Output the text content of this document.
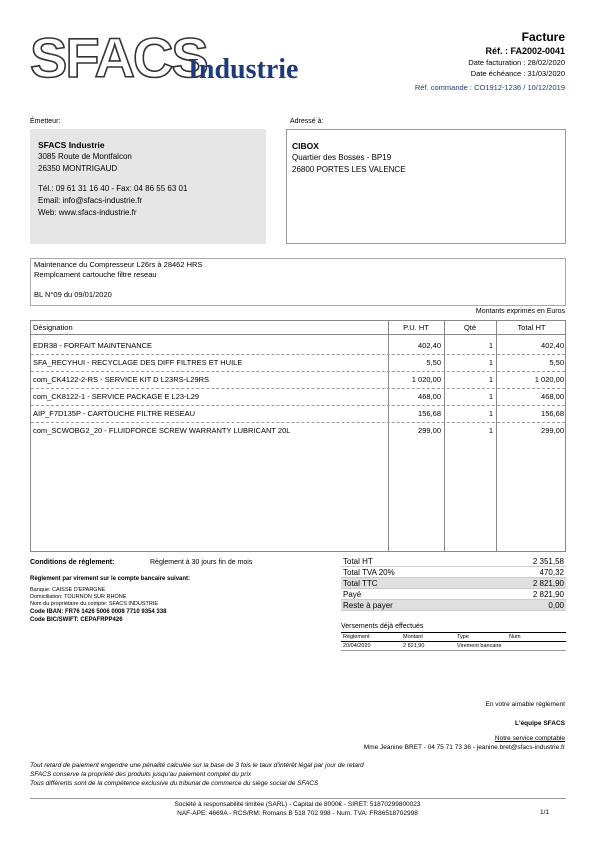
SFACS
Industrie
Facture
Réf. : FA2002-0041
Date facturation : 28/02/2020
Date échéance : 31/03/2020
Réf. commande : CO1912-1236 / 10/12/2019
Émetteur:
SFACS Industrie
3085 Route de Montfalcon
26350 MONTRIGAUD
Tél.: 09 61 31 16 40 - Fax: 04 86 55 63 01
Email: info@sfacs-industrie.fr
Web: www.sfacs-industrie.fr
Adressé à:
CIBOX
Quartier des Bosses - BP19
26800 PORTES LES VALENCE
Maintenance du Compresseur L26rs à 28462 HRS
Remplcament cartouche filtre reseau
BL N°09 du 09/01/2020
Montants exprimés en Euros
Désignation	P.U. HT	Qté	Total HT
EDR38 - FORFAIT MAINTENANCE	402,40	1	402,40
SFA_RECYHUI - RECYCLAGE DES DIFF FILTRES ET HUILE	5,50	1	5,50
com_CK4122-2-RS - SERVICE KIT D L23RS-L29RS	1 020,00	1	1 020,00
com_CK8122-1 - SERVICE PACKAGE E L23-L29	468,00	1	468,00
AIP_F7D135P - CARTOUCHE FILTRE RESEAU	156,68	1	156,68
com_SCWOBG2_20 - FLUIDFORCE SCREW WARRANTY LUBRICANT 20L	299,00	1	299,00
Conditions de règlement:	Règlement à 30 jours fin de mois
Règlement par virement sur le compte bancaire suivant:
Banque: CAISSE D'EPARGNE
Domiciliation: TOURNON SUR RHONE
Nom du propriétaire du compte: SFACS INDUSTRIE
Code IBAN: FR76 1426 5006 0008 7710 9354 338
Code BIC/SWIFT: CEPAFRPP426
Total HT	2 351,58
Total TVA 20%	470,32
Total TTC	2 821,90
Payé	2 821,90
Reste à payer	0,00
Versements déjà effectués
Règlement	Montant	Type	Num
20/04/2020	2 821,90	Virement bancaire
En votre aimable règlement
L'équipe SFACS
Notre service comptable
Mme Jeanine BRET - 04 75 71 73 36 - jeanine.bret@sfacs-industrie.fr
Tout retard de paiement engendre une pénalité calculée sur la base de 3 fois le taux d'intérêt légal par jour de retard
SFACS conserve la propriété des produits jusqu'au paiement complet du prix
Tous différents sont de la compétence exclusive du tribunal de commerce du siège social de SFACS
Société à responsabilité limitée (SARL) - Capital de 8000€ - SIRET: 51870299800023
NAF-APE: 4669A - RCS/RM: Romans B 518 702 998 - Num. TVA: FR86518702998	1/1
